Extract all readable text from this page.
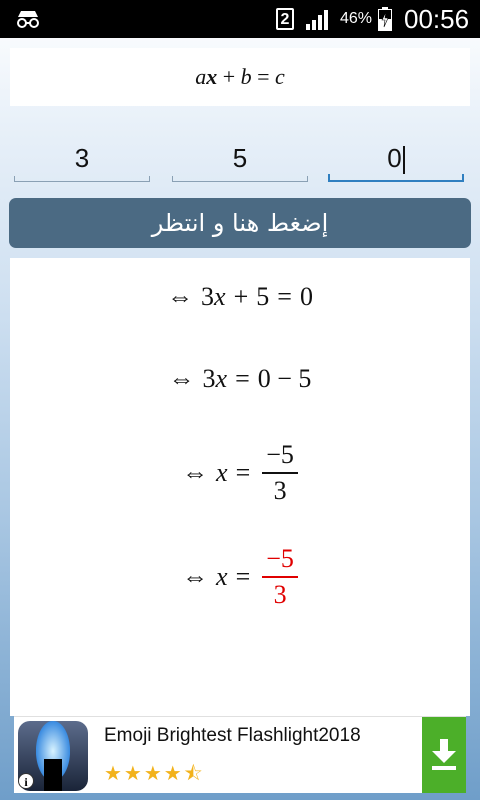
2	46% 00:56
a x + b = c
3	5	0
إضغط هنا و انتظر
⇔ 3x + 5 = 0
⇔ 3x = 0 − 5
⇔ $x = \frac{-5}{3}$
⇔ $x = \frac{-5}{3}$
i
Emoji Brightest Flashlight2018
★★★★⯪
